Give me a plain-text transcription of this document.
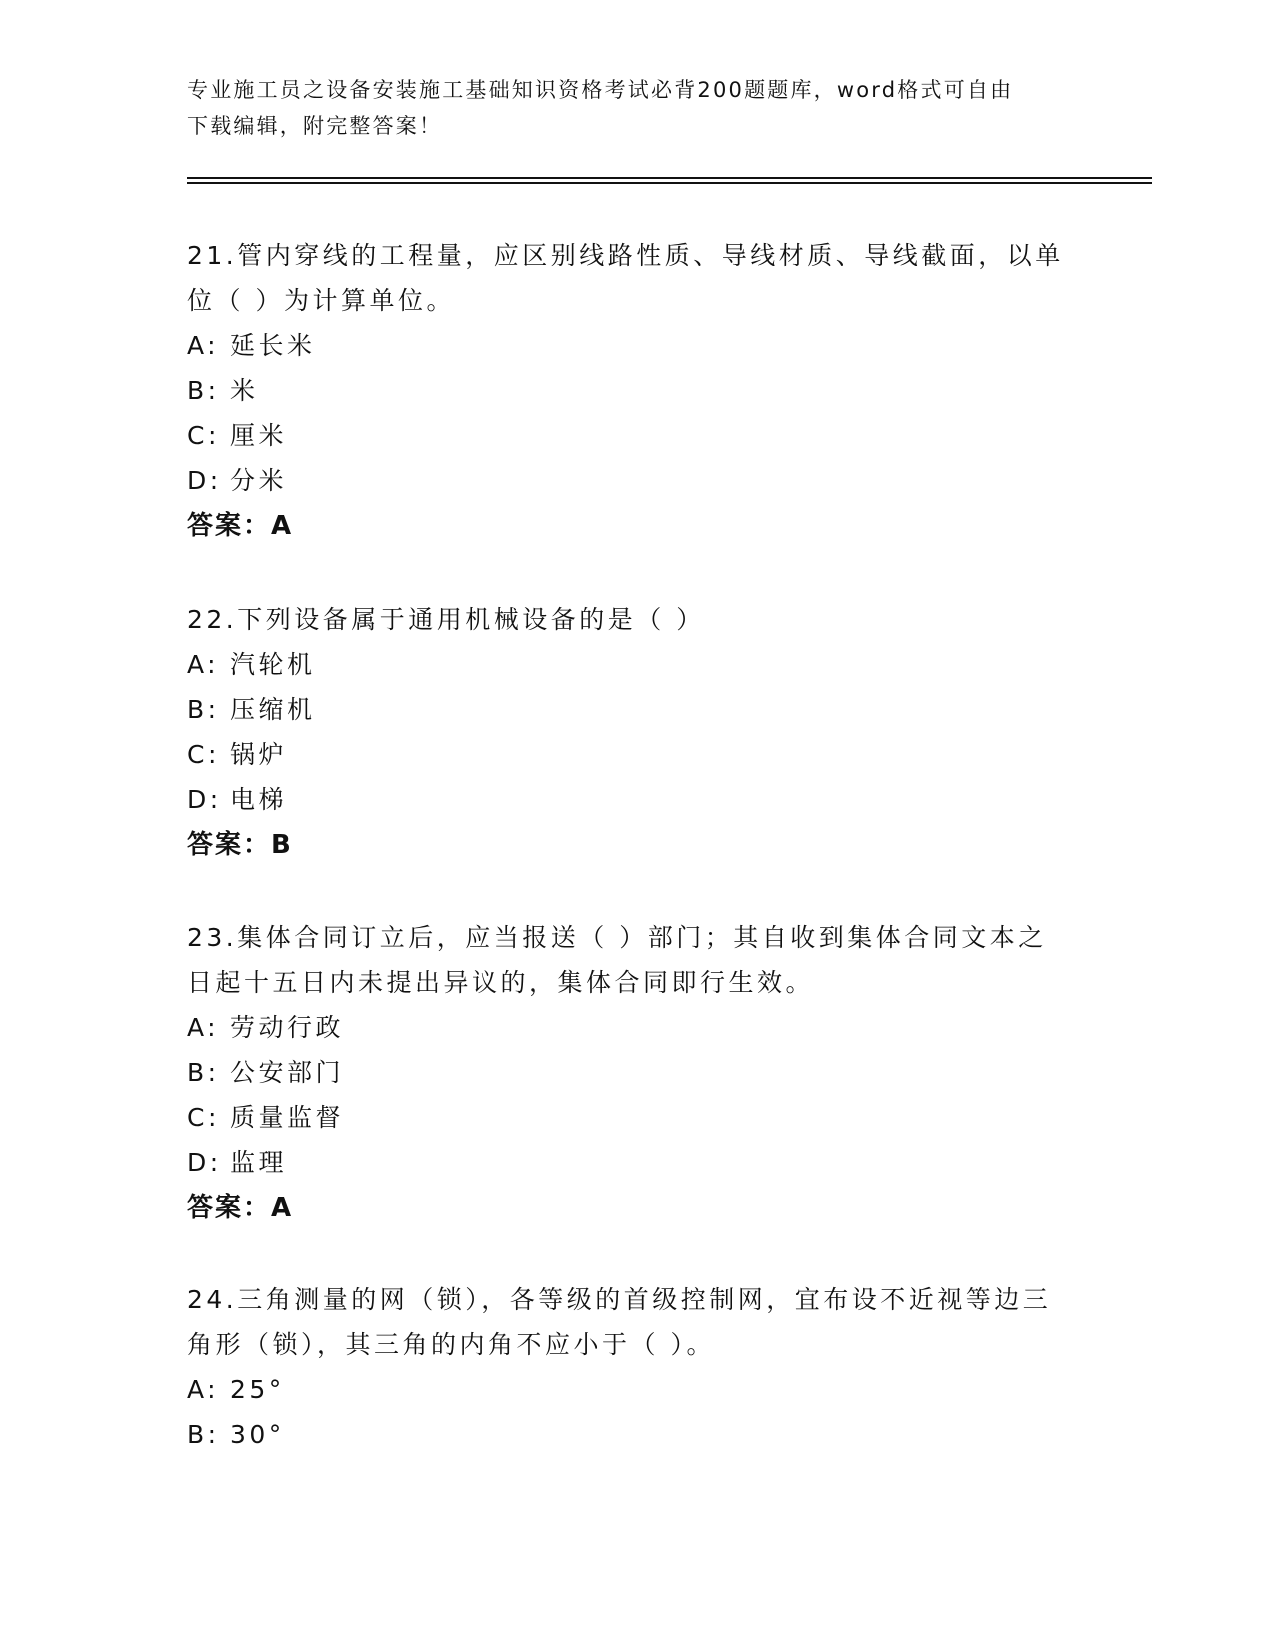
专业施工员之设备安装施工基础知识资格考试必背200题题库，word格式可自由
下载编辑，附完整答案！
21.管内穿线的工程量，应区别线路性质、导线材质、导线截面，以单
位（ ）为计算单位。
A: 延长米
B: 米
C: 厘米
D: 分米
答案：A
22.下列设备属于通用机械设备的是（ ）
A: 汽轮机
B: 压缩机
C: 锅炉
D: 电梯
答案：B
23.集体合同订立后，应当报送（ ）部门；其自收到集体合同文本之
日起十五日内未提出异议的，集体合同即行生效。
A: 劳动行政
B: 公安部门
C: 质量监督
D: 监理
答案：A
24.三角测量的网（锁），各等级的首级控制网，宜布设不近视等边三
角形（锁），其三角的内角不应小于（ ）。
A: 25°
B: 30°
